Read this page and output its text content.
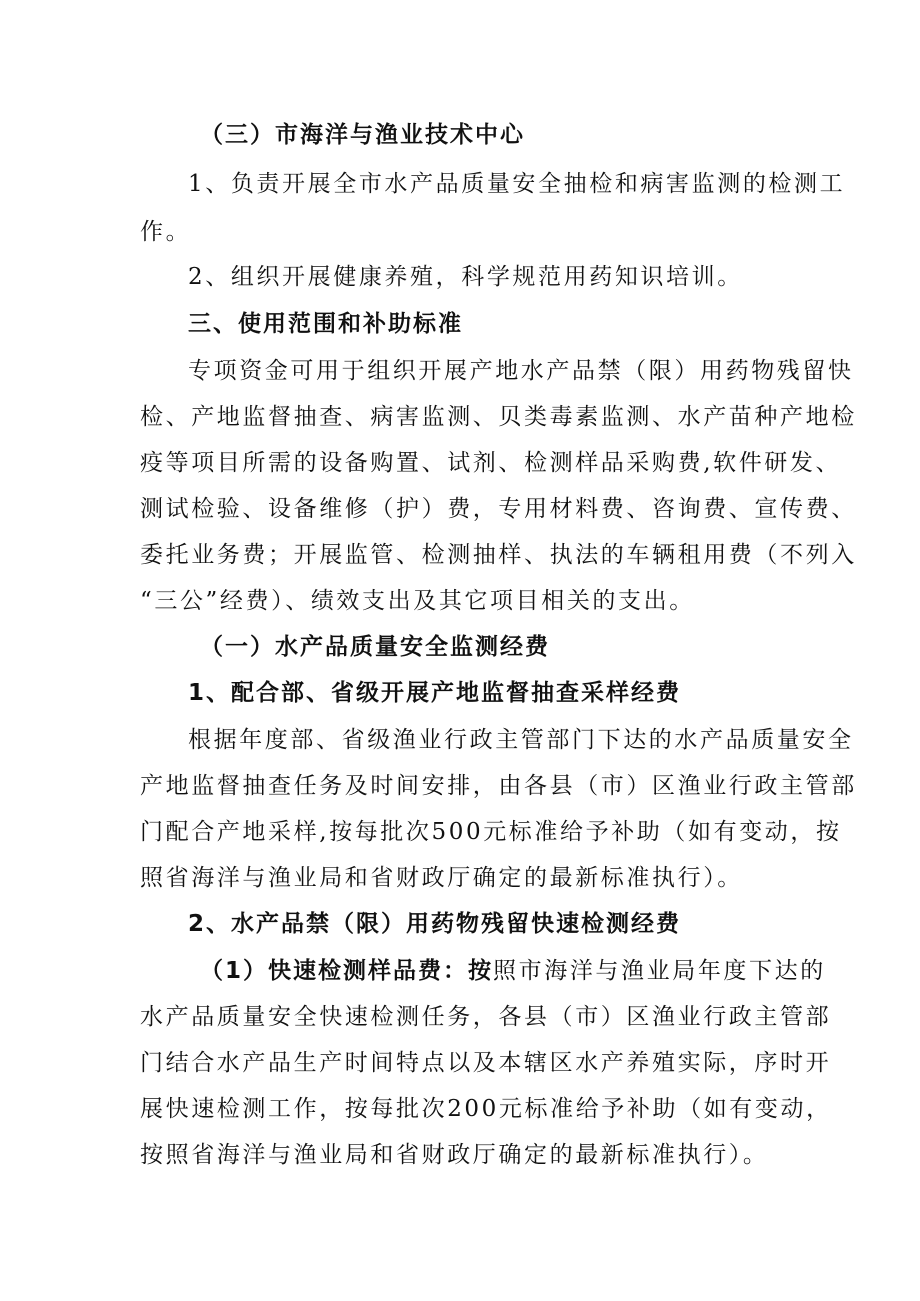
（三）市海洋与渔业技术中心
1、负责开展全市水产品质量安全抽检和病害监测的检测工
作。
2、组织开展健康养殖，科学规范用药知识培训。
三、使用范围和补助标准
专项资金可用于组织开展产地水产品禁（限）用药物残留快
检、产地监督抽查、病害监测、贝类毒素监测、水产苗种产地检
疫等项目所需的设备购置、试剂、检测样品采购费,软件研发、
测试检验、设备维修（护）费，专用材料费、咨询费、宣传费、
委托业务费；开展监管、检测抽样、执法的车辆租用费（不列入
“三公”经费）、绩效支出及其它项目相关的支出。
（一）水产品质量安全监测经费
1、配合部、省级开展产地监督抽查采样经费
根据年度部、省级渔业行政主管部门下达的水产品质量安全
产地监督抽查任务及时间安排，由各县（市）区渔业行政主管部
门配合产地采样,按每批次500元标准给予补助（如有变动，按
照省海洋与渔业局和省财政厅确定的最新标准执行）。
2、水产品禁（限）用药物残留快速检测经费
（1）快速检测样品费：按照市海洋与渔业局年度下达的
水产品质量安全快速检测任务，各县（市）区渔业行政主管部
门结合水产品生产时间特点以及本辖区水产养殖实际，序时开
展快速检测工作，按每批次200元标准给予补助（如有变动，
按照省海洋与渔业局和省财政厅确定的最新标准执行）。
